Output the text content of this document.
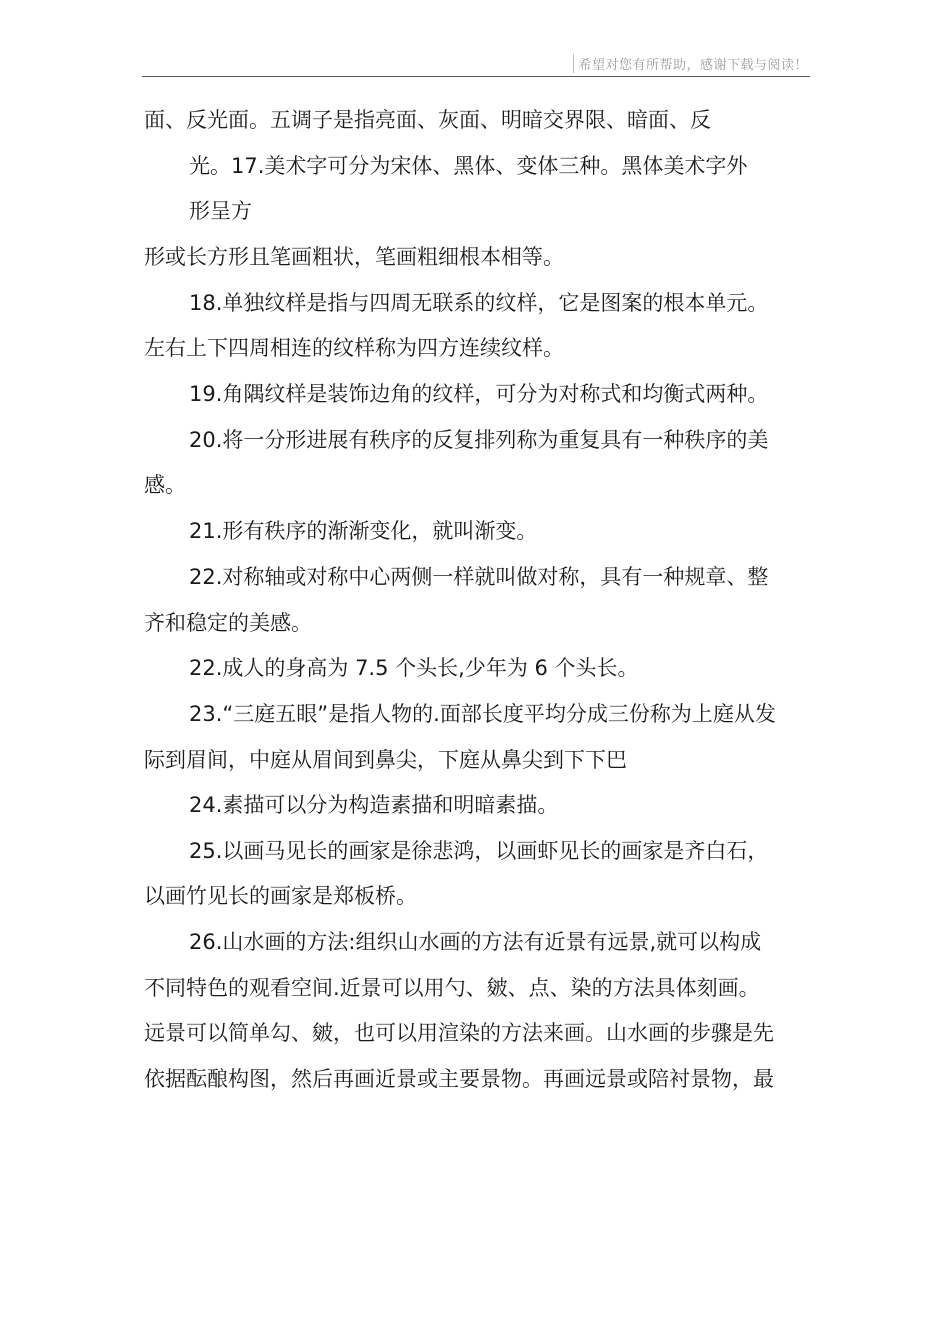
希望对您有所帮助，感谢下载与阅读！
面、反光面。五调子是指亮面、灰面、明暗交界限、暗面、反
光。17.美术字可分为宋体、黑体、变体三种。黑体美术字外
形呈方
形或长方形且笔画粗状，笔画粗细根本相等。
18.单独纹样是指与四周无联系的纹样，它是图案的根本单元。
左右上下四周相连的纹样称为四方连续纹样。
19.角隅纹样是装饰边角的纹样，可分为对称式和均衡式两种。
20.将一分形进展有秩序的反复排列称为重复具有一种秩序的美
感。
21.形有秩序的渐渐变化，就叫渐变。
22.对称轴或对称中心两侧一样就叫做对称，具有一种规章、整
齐和稳定的美感。
22.成人的身高为 7.5 个头长,少年为 6 个头长。
23.“三庭五眼”是指人物的.面部长度平均分成三份称为上庭从发
际到眉间，中庭从眉间到鼻尖，下庭从鼻尖到下下巴
24.素描可以分为构造素描和明暗素描。
25.以画马见长的画家是徐悲鸿，以画虾见长的画家是齐白石，
以画竹见长的画家是郑板桥。
26.山水画的方法:组织山水画的方法有近景有远景,就可以构成
不同特色的观看空间.近景可以用勺、皴、点、染的方法具体刻画。
远景可以简单勾、皴，也可以用渲染的方法来画。山水画的步骤是先
依据酝酿构图，然后再画近景或主要景物。再画远景或陪衬景物，最
